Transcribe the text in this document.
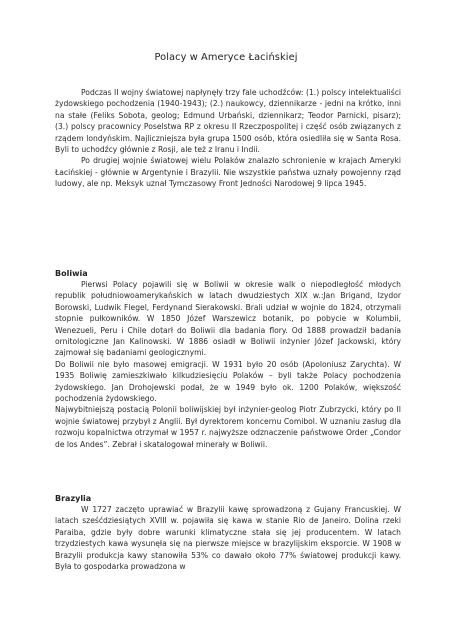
Polacy w Ameryce Łacińskiej

Podczas II wojny światowej napłynęły trzy fale uchodźców: (1.) polscy intelektualiści żydowskiego pochodzenia (1940-1943); (2.) naukowcy, dziennikarze - jedni na krótko, inni na stałe (Feliks Sobota, geolog; Edmund Urbański, dziennikarz; Teodor Parnicki, pisarz); (3.) polscy pracownicy Poselstwa RP z okresu II Rzeczpospolitej i część osób związanych z rządem londyńskim. Najliczniejsza była grupa 1500 osób, która osiedliła się w Santa Rosa. Byli to uchodźcy głównie z Rosji, ale też z Iranu i Indii.

Po drugiej wojnie światowej wielu Polaków znalazło schronienie w krajach Ameryki Łacińskiej - głównie w Argentynie i Brazylii. Nie wszystkie państwa uznały powojenny rząd ludowy, ale np. Meksyk uznał Tymczasowy Front Jedności Narodowej 9 lipca 1945.

Boliwia

Pierwsi Polacy pojawili się w Boliwii w okresie walk o niepodległość młodych republik południowoamerykańskich w latach dwudziestych XIX w.:Jan Brigand, Izydor Borowski, Ludwik Flegel, Ferdynand Sierakowski. Brali udział w wojnie do 1824, otrzymali stopnie pułkowników. W 1850 Józef Warszewicz botanik, po pobycie w Kolumbii, Wenezueli, Peru i Chile dotarł do Boliwii dla badania flory. Od 1888 prowadził badania ornitologiczne Jan Kalinowski. W 1886 osiadł w Boliwii inżynier Józef Jackowski, który zajmował się badaniami geologicznymi.

Do Boliwii nie było masowej emigracji. W 1931 było 20 osób (Apoloniusz Zarychta). W 1935 Boliwię zamieszkiwało kilkudziesięciu Polaków – byli także Polacy pochodzenia żydowskiego. Jan Drohojewski podał, że w 1949 było ok. 1200 Polaków, większość pochodzenia żydowskiego.

Najwybitniejszą postacią Polonii boliwijskiej był inżynier-geolog Piotr Zubrzycki, który po II wojnie światowej przybył z Anglii. Był dyrektorem koncernu Comibol. W uznaniu zasług dla rozwoju kopalnictwa otrzymał w 1957 r. najwyższe odznaczenie państwowe Order „Condor de los Andes”. Zebrał i skatalogował minerały w Boliwii.

Brazylia

W 1727 zaczęto uprawiać w Brazylii kawę sprowadzoną z Gujany Francuskiej. W latach sześćdziesiątych XVIII w. pojawiła się kawa w stanie Rio de Janeiro. Dolina rzeki Paraiba, gdzie były dobre warunki klimatyczne stała się jej producentem. W latach trzydziestych kawa wysunęła się na pierwsze miejsce w brazylijskim eksporcie. W 1908 w Brazylii produkcja kawy stanowiła 53% co dawało około 77% światowej produkcji kawy. Była to gospodarka prowadzona w
